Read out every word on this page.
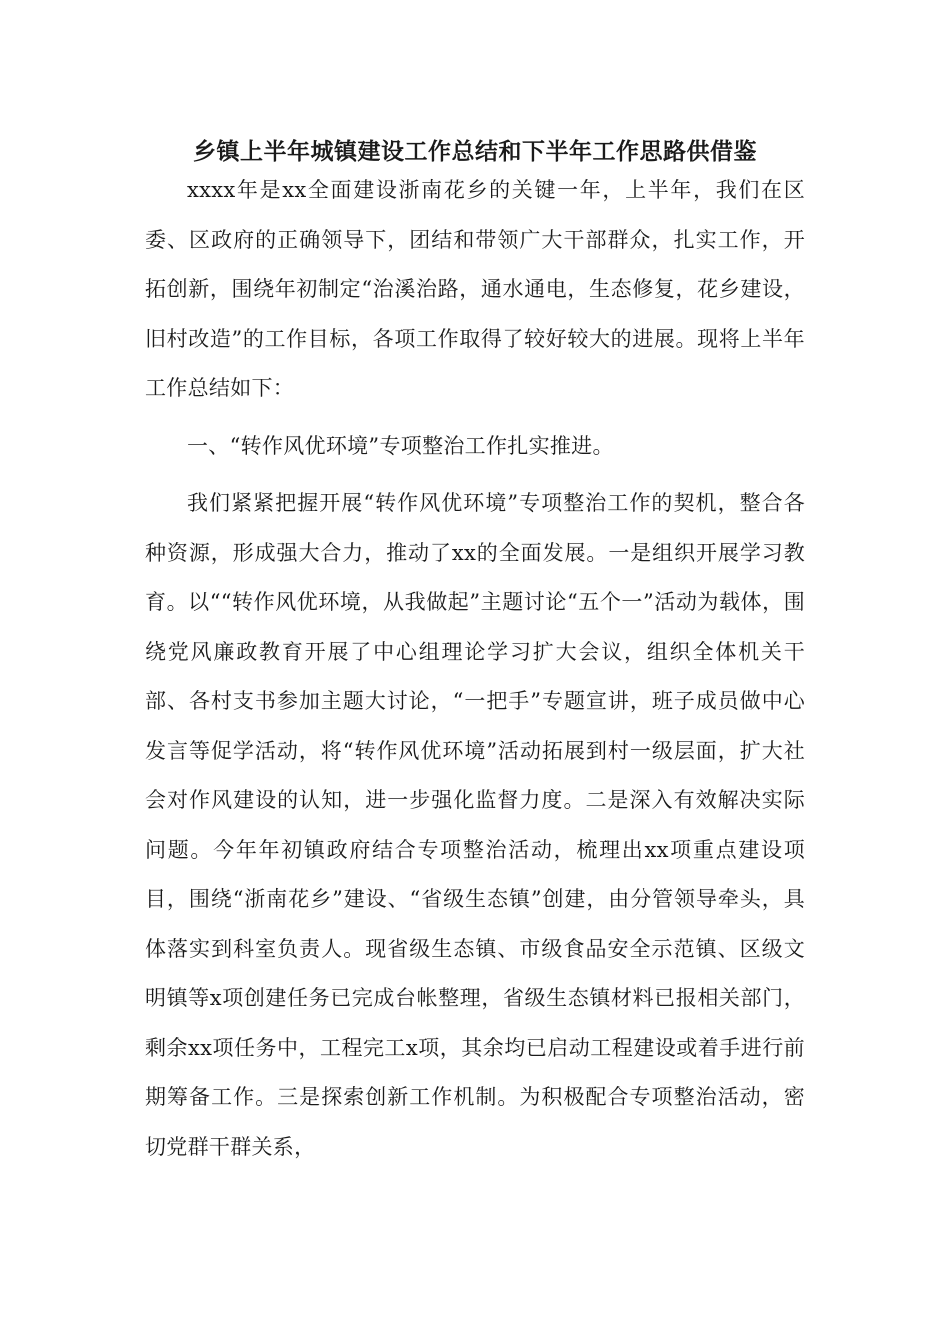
乡镇上半年城镇建设工作总结和下半年工作思路供借鉴

xxxx年是xx全面建设浙南花乡的关键一年，上半年，我们在区委、区政府的正确领导下，团结和带领广大干部群众，扎实工作，开拓创新，围绕年初制定“治溪治路，通水通电，生态修复，花乡建设，旧村改造”的工作目标，各项工作取得了较好较大的进展。现将上半年工作总结如下：

一、“转作风优环境”专项整治工作扎实推进。

我们紧紧把握开展“转作风优环境”专项整治工作的契机，整合各种资源，形成强大合力，推动了xx的全面发展。一是组织开展学习教育。以““转作风优环境，从我做起”主题讨论“五个一”活动为载体，围绕党风廉政教育开展了中心组理论学习扩大会议，组织全体机关干部、各村支书参加主题大讨论，“一把手”专题宣讲，班子成员做中心发言等促学活动，将“转作风优环境”活动拓展到村一级层面，扩大社会对作风建设的认知，进一步强化监督力度。二是深入有效解决实际问题。今年年初镇政府结合专项整治活动，梳理出xx项重点建设项目，围绕“浙南花乡”建设、“省级生态镇”创建，由分管领导牵头，具体落实到科室负责人。现省级生态镇、市级食品安全示范镇、区级文明镇等x项创建任务已完成台帐整理，省级生态镇材料已报相关部门，剩余xx项任务中，工程完工x项，其余均已启动工程建设或着手进行前期筹备工作。三是探索创新工作机制。为积极配合专项整治活动，密切党群干群关系，
